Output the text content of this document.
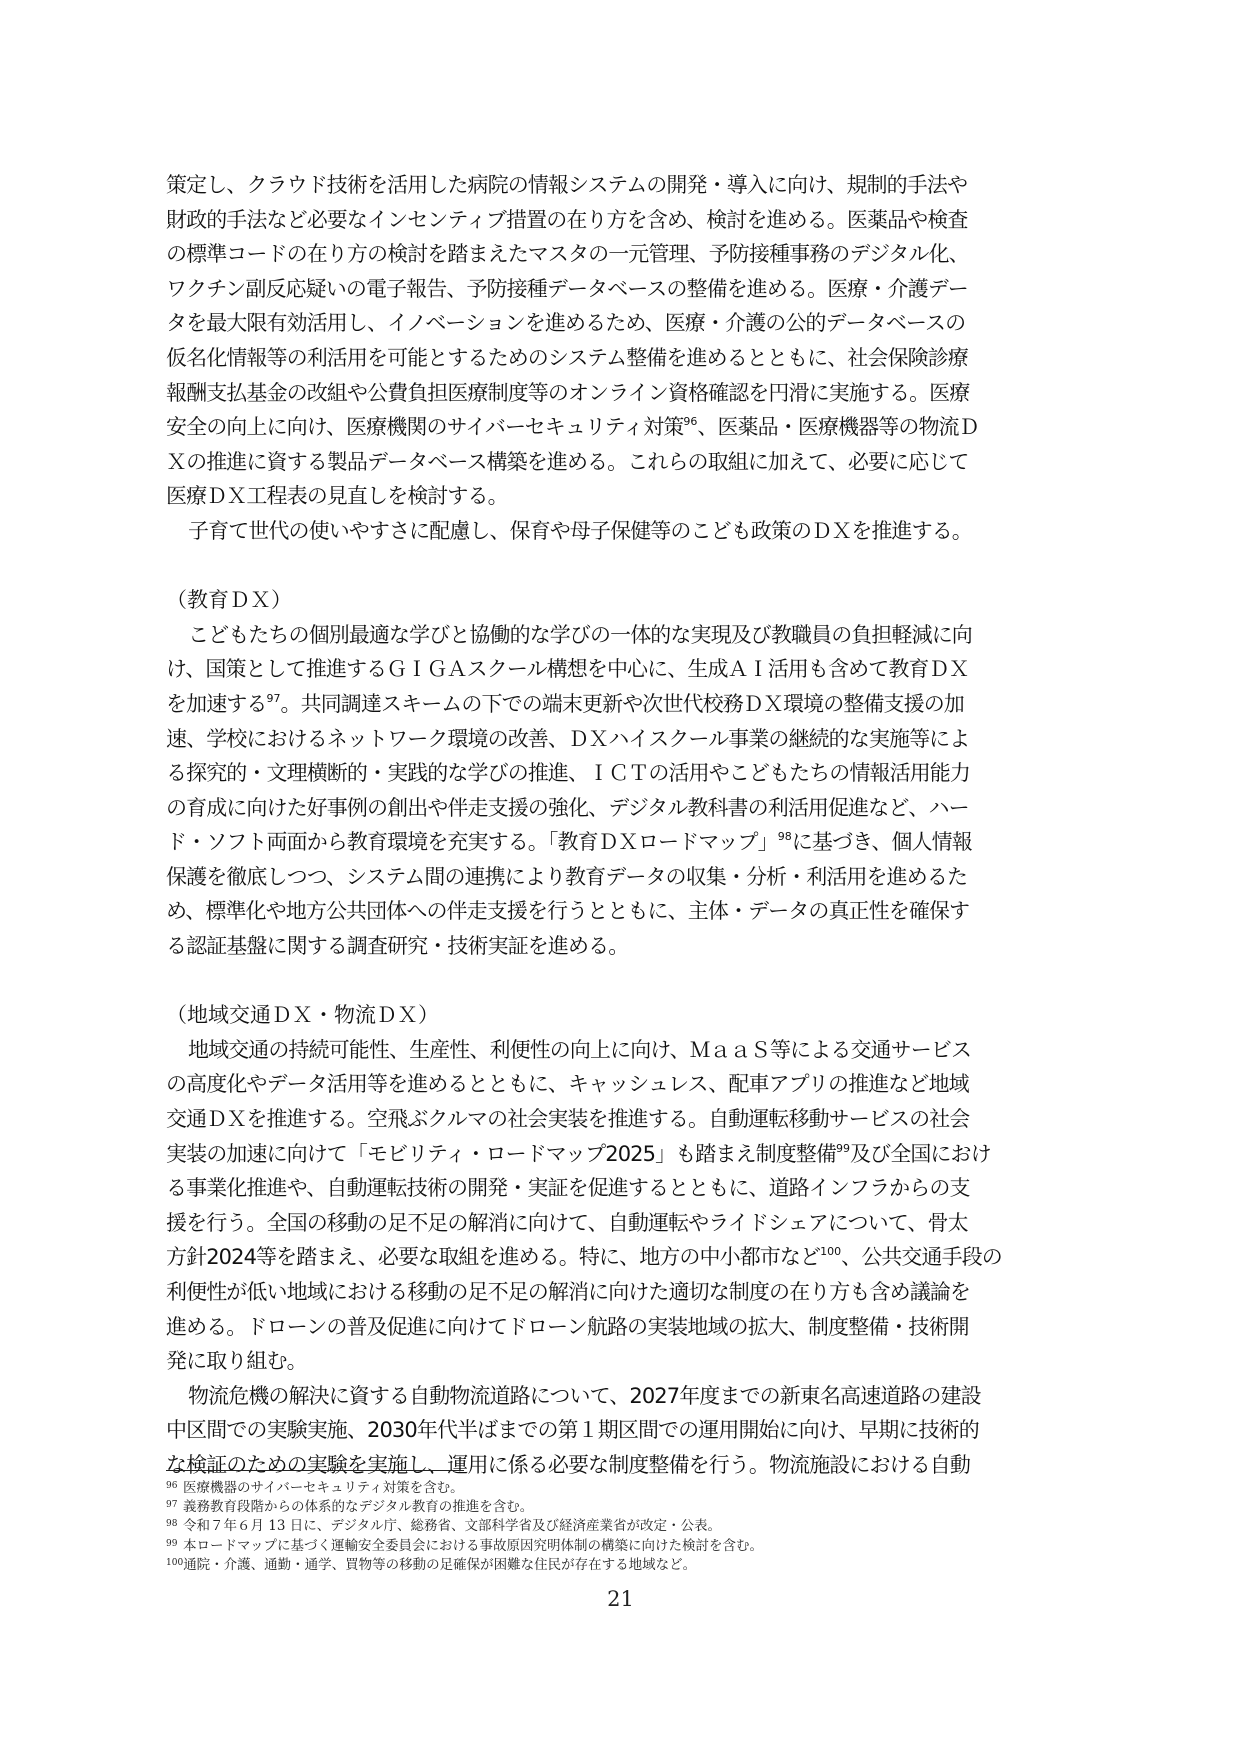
策定し、クラウド技術を活用した病院の情報システムの開発・導入に向け、規制的手法や
財政的手法など必要なインセンティブ措置の在り方を含め、検討を進める。医薬品や検査
の標準コードの在り方の検討を踏まえたマスタの一元管理、予防接種事務のデジタル化、
ワクチン副反応疑いの電子報告、予防接種データベースの整備を進める。医療・介護デー
タを最大限有効活用し、イノベーションを進めるため、医療・介護の公的データベースの
仮名化情報等の利活用を可能とするためのシステム整備を進めるとともに、社会保険診療
報酬支払基金の改組や公費負担医療制度等のオンライン資格確認を円滑に実施する。医療
安全の向上に向け、医療機関のサイバーセキュリティ対策$^{96}$、医薬品・医療機器等の物流Ｄ
Ｘの推進に資する製品データベース構築を進める。これらの取組に加えて、必要に応じて
医療ＤＸ工程表の見直しを検討する。
子育て世代の使いやすさに配慮し、保育や母子保健等のこども政策のＤＸを推進する。
（教育ＤＸ）
こどもたちの個別最適な学びと協働的な学びの一体的な実現及び教職員の負担軽減に向
け、国策として推進するＧＩＧＡスクール構想を中心に、生成ＡＩ活用も含めて教育ＤＸ
を加速する$^{97}$。共同調達スキームの下での端末更新や次世代校務ＤＸ環境の整備支援の加
速、学校におけるネットワーク環境の改善、ＤＸハイスクール事業の継続的な実施等によ
る探究的・文理横断的・実践的な学びの推進、ＩＣＴの活用やこどもたちの情報活用能力
の育成に向けた好事例の創出や伴走支援の強化、デジタル教科書の利活用促進など、ハー
ド・ソフト両面から教育環境を充実する。「教育ＤＸロードマップ」$^{98}$に基づき、個人情報
保護を徹底しつつ、システム間の連携により教育データの収集・分析・利活用を進めるた
め、標準化や地方公共団体への伴走支援を行うとともに、主体・データの真正性を確保す
る認証基盤に関する調査研究・技術実証を進める。
（地域交通ＤＸ・物流ＤＸ）
地域交通の持続可能性、生産性、利便性の向上に向け、ＭａａＳ等による交通サービス
の高度化やデータ活用等を進めるとともに、キャッシュレス、配車アプリの推進など地域
交通ＤＸを推進する。空飛ぶクルマの社会実装を推進する。自動運転移動サービスの社会
実装の加速に向けて「モビリティ・ロードマップ2025」も踏まえ制度整備$^{99}$及び全国におけ
る事業化推進や、自動運転技術の開発・実証を促進するとともに、道路インフラからの支
援を行う。全国の移動の足不足の解消に向けて、自動運転やライドシェアについて、骨太
方針2024等を踏まえ、必要な取組を進める。特に、地方の中小都市など$^{100}$、公共交通手段の
利便性が低い地域における移動の足不足の解消に向けた適切な制度の在り方も含め議論を
進める。ドローンの普及促進に向けてドローン航路の実装地域の拡大、制度整備・技術開
発に取り組む。
物流危機の解決に資する自動物流道路について、2027年度までの新東名高速道路の建設
中区間での実験実施、2030年代半ばまでの第１期区間での運用開始に向け、早期に技術的
な検証のための実験を実施し、運用に係る必要な制度整備を行う。物流施設における自動
96 医療機器のサイバーセキュリティ対策を含む。
97 義務教育段階からの体系的なデジタル教育の推進を含む。
98 令和７年６月 13 日に、デジタル庁、総務省、文部科学省及び経済産業省が改定・公表。
99 本ロードマップに基づく運輸安全委員会における事故原因究明体制の構築に向けた検討を含む。
100通院・介護、通勤・通学、買物等の移動の足確保が困難な住民が存在する地域など。
21
